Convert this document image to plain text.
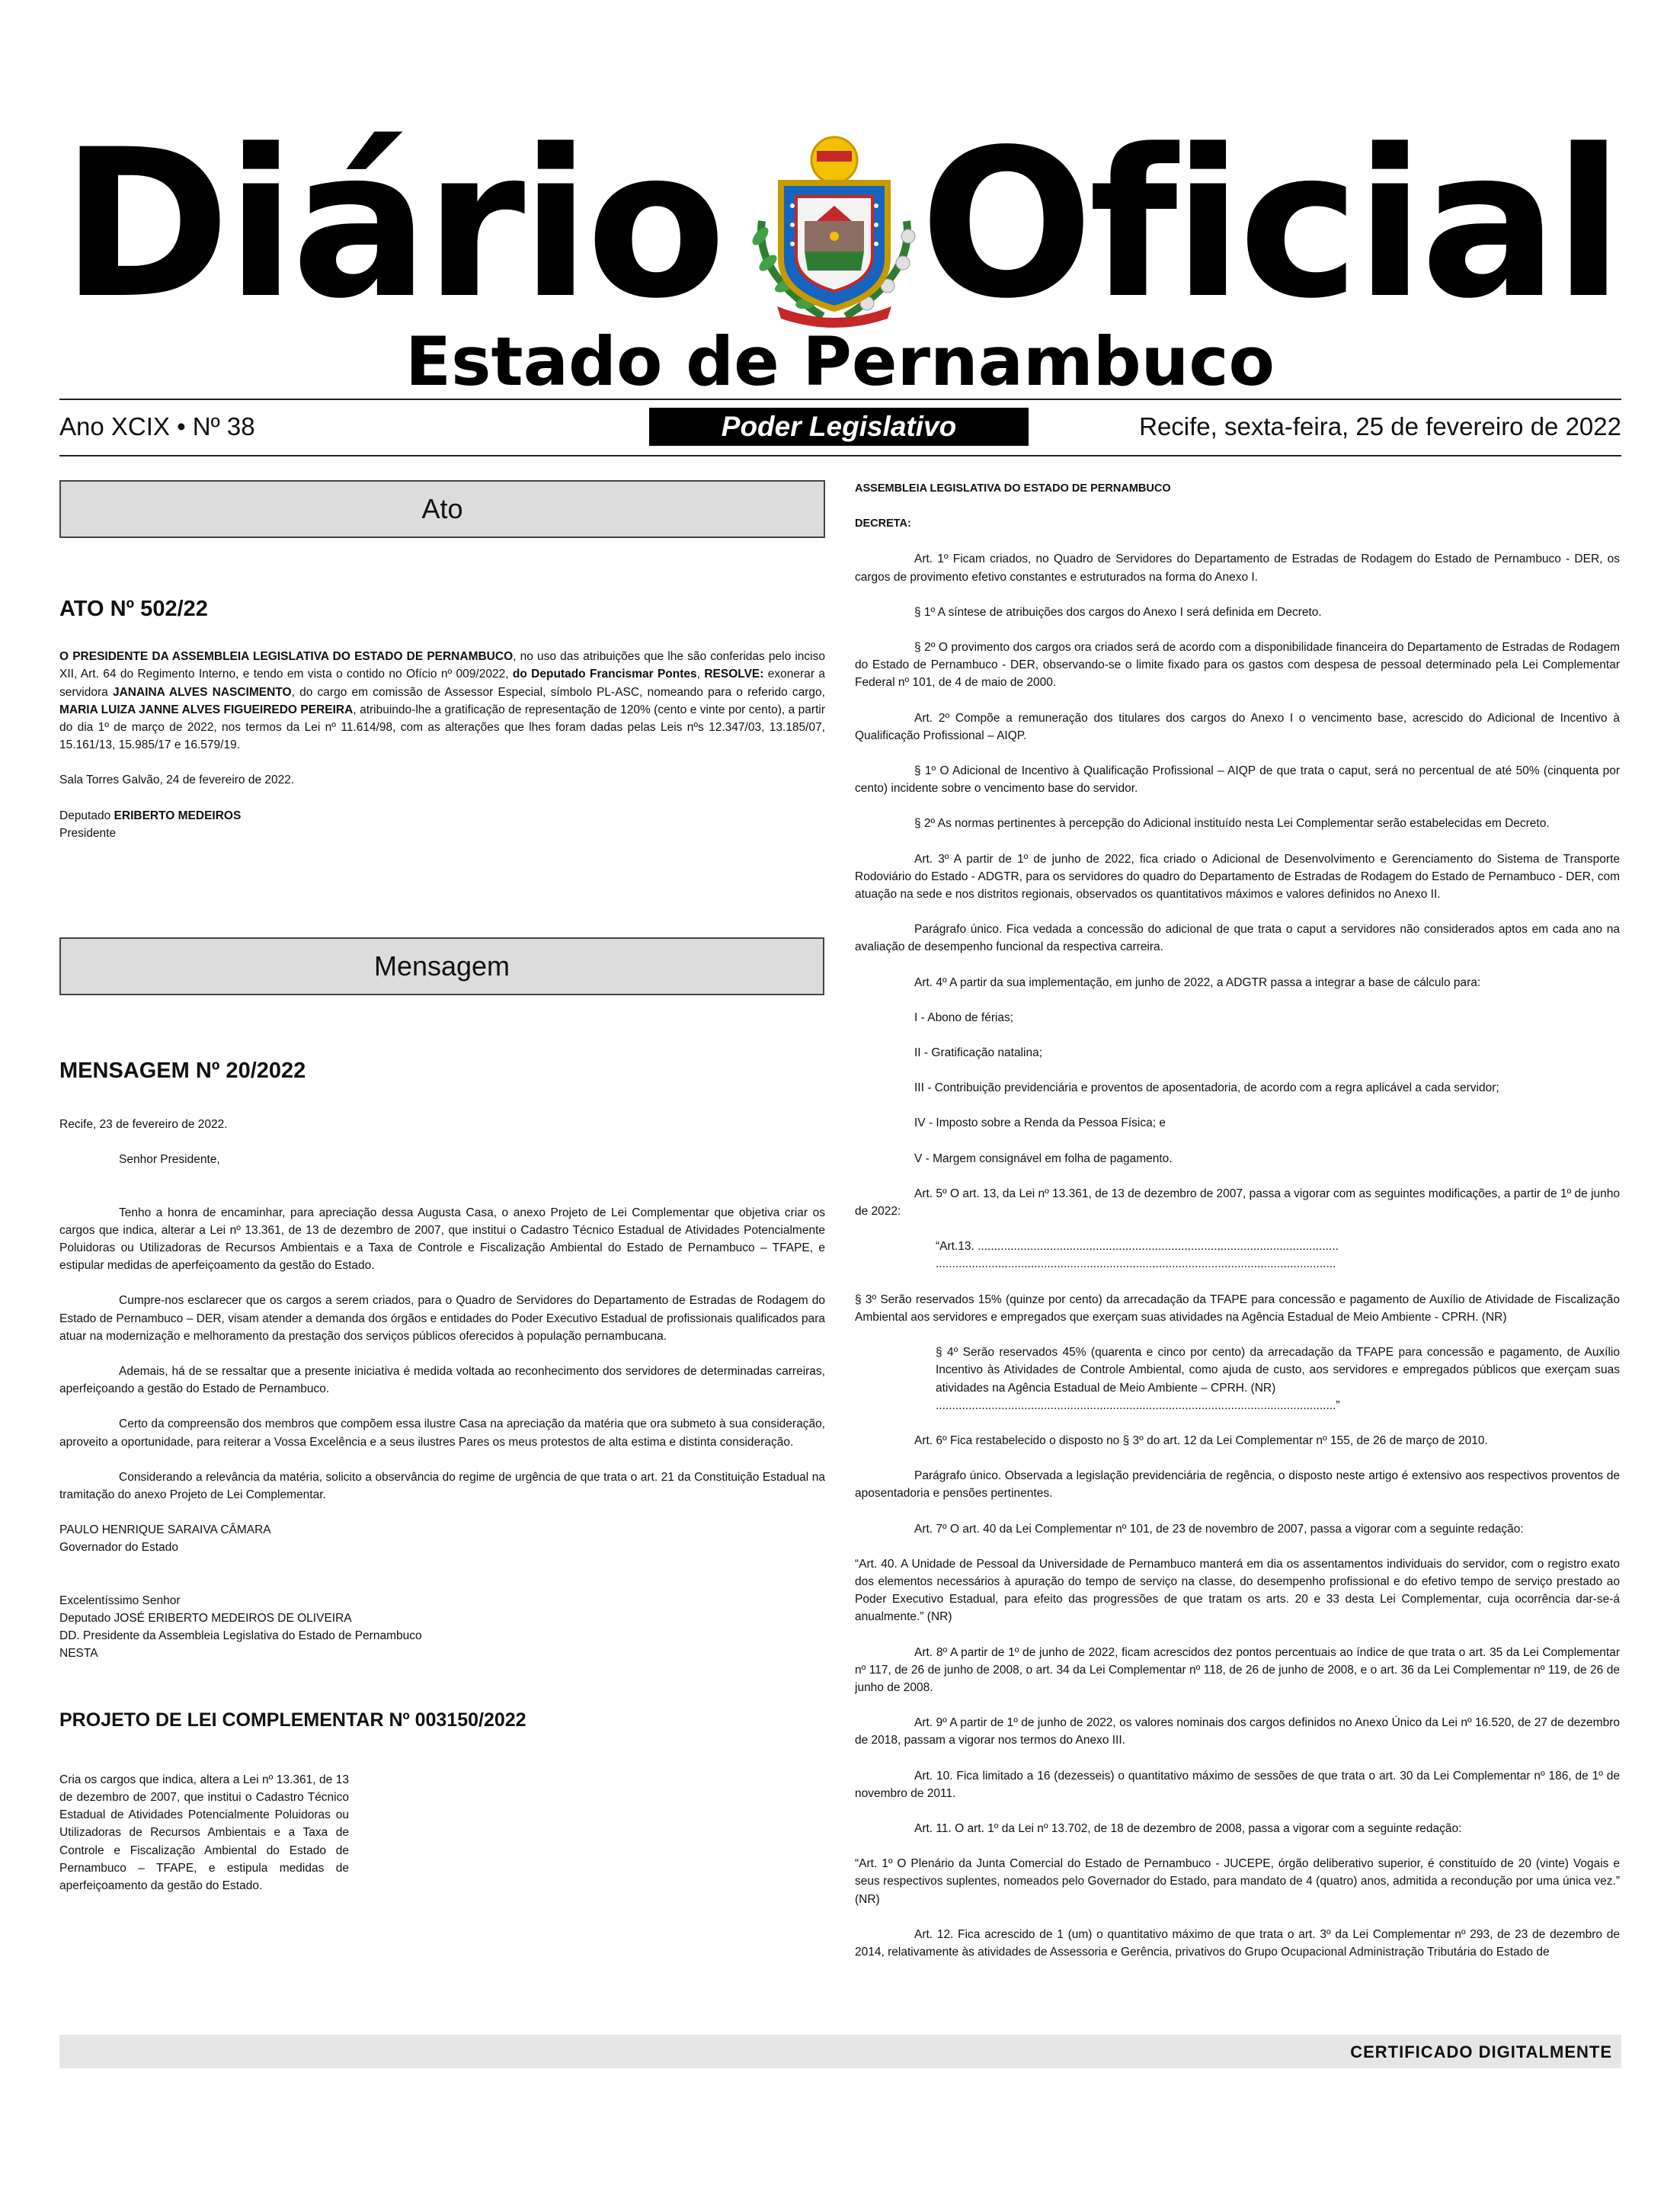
Diário Oficial
Estado de Pernambuco
Ano XCIX • Nº 38	Poder Legislativo	Recife, sexta-feira, 25 de fevereiro de 2022
Ato

ATO Nº 502/22

O PRESIDENTE DA ASSEMBLEIA LEGISLATIVA DO ESTADO DE PERNAMBUCO, no uso das atribuições que lhe são conferidas pelo inciso XII, Art. 64 do Regimento Interno, e tendo em vista o contido no Ofício nº 009/2022, do Deputado Francismar Pontes, RESOLVE: exonerar a servidora JANAINA ALVES NASCIMENTO, do cargo em comissão de Assessor Especial, símbolo PL-ASC, nomeando para o referido cargo, MARIA LUIZA JANNE ALVES FIGUEIREDO PEREIRA, atribuindo-lhe a gratificação de representação de 120% (cento e vinte por cento), a partir do dia 1º de março de 2022, nos termos da Lei nº 11.614/98, com as alterações que lhes foram dadas pelas Leis nºs 12.347/03, 13.185/07, 15.161/13, 15.985/17 e 16.579/19.

Sala Torres Galvão, 24 de fevereiro de 2022.

Deputado ERIBERTO MEDEIROS

Presidente

Mensagem

MENSAGEM Nº 20/2022

Recife, 23 de fevereiro de 2022.

Senhor Presidente,

Tenho a honra de encaminhar, para apreciação dessa Augusta Casa, o anexo Projeto de Lei Complementar que objetiva criar os cargos que indica, alterar a Lei nº 13.361, de 13 de dezembro de 2007, que institui o Cadastro Técnico Estadual de Atividades Potencialmente Poluidoras ou Utilizadoras de Recursos Ambientais e a Taxa de Controle e Fiscalização Ambiental do Estado de Pernambuco – TFAPE, e estipular medidas de aperfeiçoamento da gestão do Estado.

Cumpre-nos esclarecer que os cargos a serem criados, para o Quadro de Servidores do Departamento de Estradas de Rodagem do Estado de Pernambuco – DER, visam atender a demanda dos órgãos e entidades do Poder Executivo Estadual de profissionais qualificados para atuar na modernização e melhoramento da prestação dos serviços públicos oferecidos à população pernambucana.

Ademais, há de se ressaltar que a presente iniciativa é medida voltada ao reconhecimento dos servidores de determinadas carreiras, aperfeiçoando a gestão do Estado de Pernambuco.

Certo da compreensão dos membros que compõem essa ilustre Casa na apreciação da matéria que ora submeto à sua consideração, aproveito a oportunidade, para reiterar a Vossa Excelência e a seus ilustres Pares os meus protestos de alta estima e distinta consideração.

Considerando a relevância da matéria, solicito a observância do regime de urgência de que trata o art. 21 da Constituição Estadual na tramitação do anexo Projeto de Lei Complementar.

PAULO HENRIQUE SARAIVA CÂMARA

Governador do Estado

Excelentíssimo Senhor
Deputado JOSÉ ERIBERTO MEDEIROS DE OLIVEIRA
DD. Presidente da Assembleia Legislativa do Estado de Pernambuco
NESTA

PROJETO DE LEI COMPLEMENTAR Nº 003150/2022

Cria os cargos que indica, altera a Lei nº 13.361, de 13 de dezembro de 2007, que institui o Cadastro Técnico Estadual de Atividades Potencialmente Poluidoras ou Utilizadoras de Recursos Ambientais e a Taxa de Controle e Fiscalização Ambiental do Estado de Pernambuco – TFAPE, e estipula medidas de aperfeiçoamento da gestão do Estado.

ASSEMBLEIA LEGISLATIVA DO ESTADO DE PERNAMBUCO

DECRETA:

Art. 1º Ficam criados, no Quadro de Servidores do Departamento de Estradas de Rodagem do Estado de Pernambuco - DER, os cargos de provimento efetivo constantes e estruturados na forma do Anexo I.

§ 1º A síntese de atribuições dos cargos do Anexo I será definida em Decreto.

§ 2º O provimento dos cargos ora criados será de acordo com a disponibilidade financeira do Departamento de Estradas de Rodagem do Estado de Pernambuco - DER, observando-se o limite fixado para os gastos com despesa de pessoal determinado pela Lei Complementar Federal nº 101, de 4 de maio de 2000.

Art. 2º Compõe a remuneração dos titulares dos cargos do Anexo I o vencimento base, acrescido do Adicional de Incentivo à Qualificação Profissional – AIQP.

§ 1º O Adicional de Incentivo à Qualificação Profissional – AIQP de que trata o caput, será no percentual de até 50% (cinquenta por cento) incidente sobre o vencimento base do servidor.

§ 2º As normas pertinentes à percepção do Adicional instituído nesta Lei Complementar serão estabelecidas em Decreto.

Art. 3º A partir de 1º de junho de 2022, fica criado o Adicional de Desenvolvimento e Gerenciamento do Sistema de Transporte Rodoviário do Estado - ADGTR, para os servidores do quadro do Departamento de Estradas de Rodagem do Estado de Pernambuco - DER, com atuação na sede e nos distritos regionais, observados os quantitativos máximos e valores definidos no Anexo II.

Parágrafo único. Fica vedada a concessão do adicional de que trata o caput a servidores não considerados aptos em cada ano na avaliação de desempenho funcional da respectiva carreira.

Art. 4º A partir da sua implementação, em junho de 2022, a ADGTR passa a integrar a base de cálculo para:

I - Abono de férias;

II - Gratificação natalina;

III - Contribuição previdenciária e proventos de aposentadoria, de acordo com a regra aplicável a cada servidor;

IV - Imposto sobre a Renda da Pessoa Física; e

V - Margem consignável em folha de pagamento.

Art. 5º O art. 13, da Lei nº 13.361, de 13 de dezembro de 2007, passa a vigorar com as seguintes modificações, a partir de 1º de junho de 2022:

“Art.13. ..............................................................................................................
..........................................................................................................................

§ 3º Serão reservados 15% (quinze por cento) da arrecadação da TFAPE para concessão e pagamento de Auxílio de Atividade de Fiscalização Ambiental aos servidores e empregados que exerçam suas atividades na Agência Estadual de Meio Ambiente - CPRH. (NR)

§ 4º Serão reservados 45% (quarenta e cinco por cento) da arrecadação da TFAPE para concessão e pagamento, de Auxílio Incentivo às Atividades de Controle Ambiental, como ajuda de custo, aos servidores e empregados públicos que exerçam suas atividades na Agência Estadual de Meio Ambiente – CPRH. (NR)
..........................................................................................................................”

Art. 6º Fica restabelecido o disposto no § 3º do art. 12 da Lei Complementar nº 155, de 26 de março de 2010.

Parágrafo único. Observada a legislação previdenciária de regência, o disposto neste artigo é extensivo aos respectivos proventos de aposentadoria e pensões pertinentes.

Art. 7º O art. 40 da Lei Complementar nº 101, de 23 de novembro de 2007, passa a vigorar com a seguinte redação:

“Art. 40. A Unidade de Pessoal da Universidade de Pernambuco manterá em dia os assentamentos individuais do servidor, com o registro exato dos elementos necessários à apuração do tempo de serviço na classe, do desempenho profissional e do efetivo tempo de serviço prestado ao Poder Executivo Estadual, para efeito das progressões de que tratam os arts. 20 e 33 desta Lei Complementar, cuja ocorrência dar-se-á anualmente.” (NR)

Art. 8º A partir de 1º de junho de 2022, ficam acrescidos dez pontos percentuais ao índice de que trata o art. 35 da Lei Complementar nº 117, de 26 de junho de 2008, o art. 34 da Lei Complementar nº 118, de 26 de junho de 2008, e o art. 36 da Lei Complementar nº 119, de 26 de junho de 2008.

Art. 9º A partir de 1º de junho de 2022, os valores nominais dos cargos definidos no Anexo Único da Lei nº 16.520, de 27 de dezembro de 2018, passam a vigorar nos termos do Anexo III.

Art. 10. Fica limitado a 16 (dezesseis) o quantitativo máximo de sessões de que trata o art. 30 da Lei Complementar nº 186, de 1º de novembro de 2011.

Art. 11. O art. 1º da Lei nº 13.702, de 18 de dezembro de 2008, passa a vigorar com a seguinte redação:

“Art. 1º O Plenário da Junta Comercial do Estado de Pernambuco - JUCEPE, órgão deliberativo superior, é constituído de 20 (vinte) Vogais e seus respectivos suplentes, nomeados pelo Governador do Estado, para mandato de 4 (quatro) anos, admitida a recondução por uma única vez.” (NR)

Art. 12. Fica acrescido de 1 (um) o quantitativo máximo de que trata o art. 3º da Lei Complementar nº 293, de 23 de dezembro de 2014, relativamente às atividades de Assessoria e Gerência, privativos do Grupo Ocupacional Administração Tributária do Estado de

CERTIFICADO DIGITALMENTE
